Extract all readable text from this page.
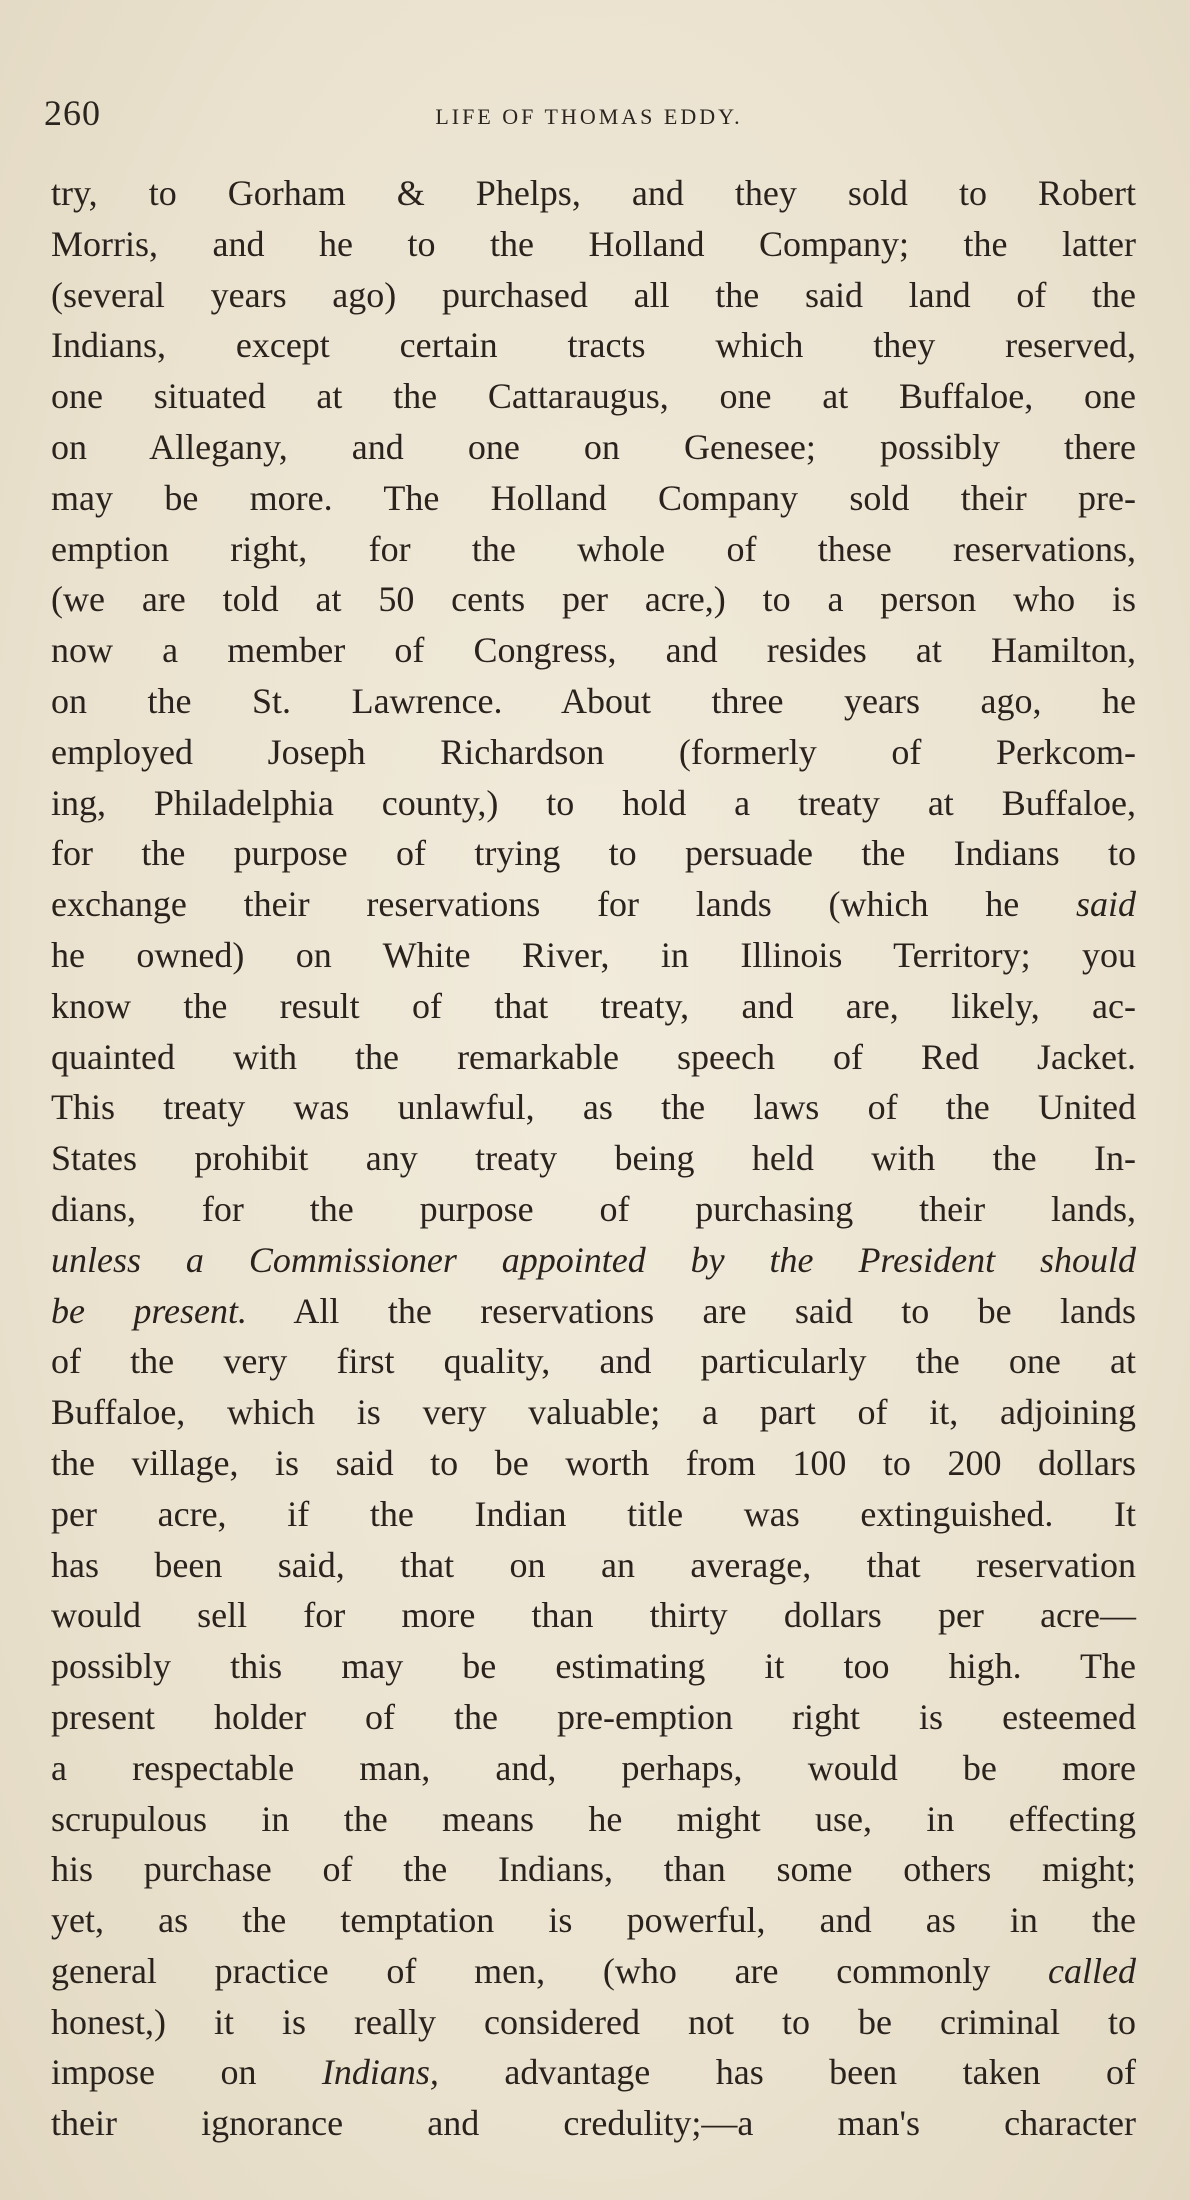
260	LIFE OF THOMAS EDDY.
try, to Gorham & Phelps, and they sold to Robert
Morris, and he to the Holland Company; the latter
(several years ago) purchased all the said land of the
Indians, except certain tracts which they reserved,
one situated at the Cattaraugus, one at Buffaloe, one
on Allegany, and one on Genesee; possibly there
may be more. The Holland Company sold their pre-
emption right, for the whole of these reservations,
(we are told at 50 cents per acre,) to a person who is
now a member of Congress, and resides at Hamilton,
on the St. Lawrence. About three years ago, he
employed Joseph Richardson (formerly of Perkcom-
ing, Philadelphia county,) to hold a treaty at Buffaloe,
for the purpose of trying to persuade the Indians to
exchange their reservations for lands (which he said
he owned) on White River, in Illinois Territory; you
know the result of that treaty, and are, likely, ac-
quainted with the remarkable speech of Red Jacket.
This treaty was unlawful, as the laws of the United
States prohibit any treaty being held with the In-
dians, for the purpose of purchasing their lands,
unless a Commissioner appointed by the President should
be present. All the reservations are said to be lands
of the very first quality, and particularly the one at
Buffaloe, which is very valuable; a part of it, adjoining
the village, is said to be worth from 100 to 200 dollars
per acre, if the Indian title was extinguished. It
has been said, that on an average, that reservation
would sell for more than thirty dollars per acre—
possibly this may be estimating it too high. The
present holder of the pre-emption right is esteemed
a respectable man, and, perhaps, would be more
scrupulous in the means he might use, in effecting
his purchase of the Indians, than some others might;
yet, as the temptation is powerful, and as in the
general practice of men, (who are commonly called
honest,) it is really considered not to be criminal to
impose on Indians, advantage has been taken of
their ignorance and credulity;—a man's character
